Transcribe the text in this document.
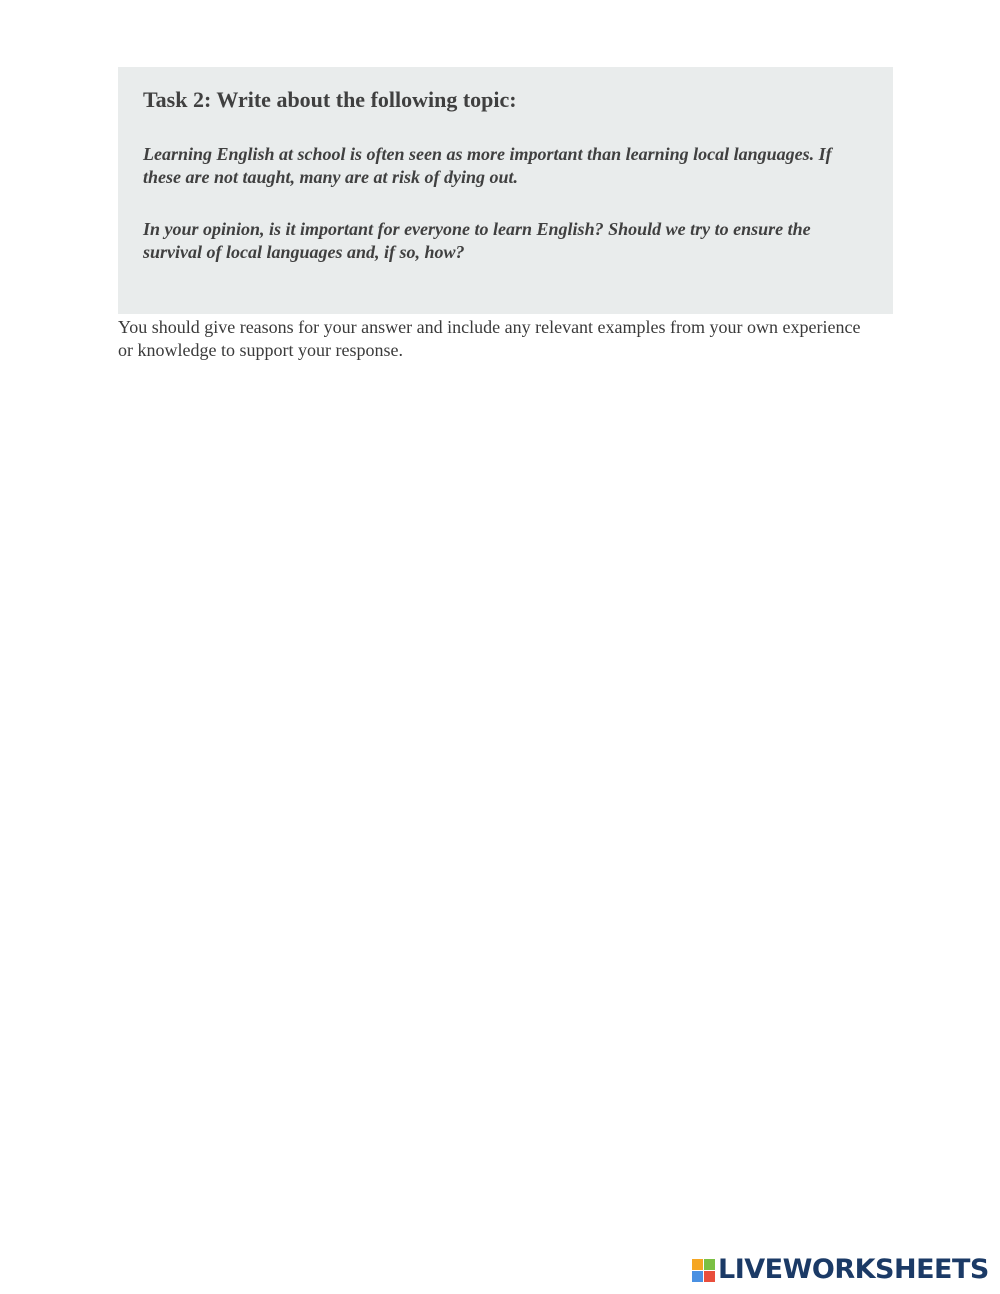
Task 2: Write about the following topic:

Learning English at school is often seen as more important than learning local languages. If these are not taught, many are at risk of dying out.

In your opinion, is it important for everyone to learn English? Should we try to ensure the survival of local languages and, if so, how?

You should give reasons for your answer and include any relevant examples from your own experience or knowledge to support your response.

LIVEWORKSHEETS
